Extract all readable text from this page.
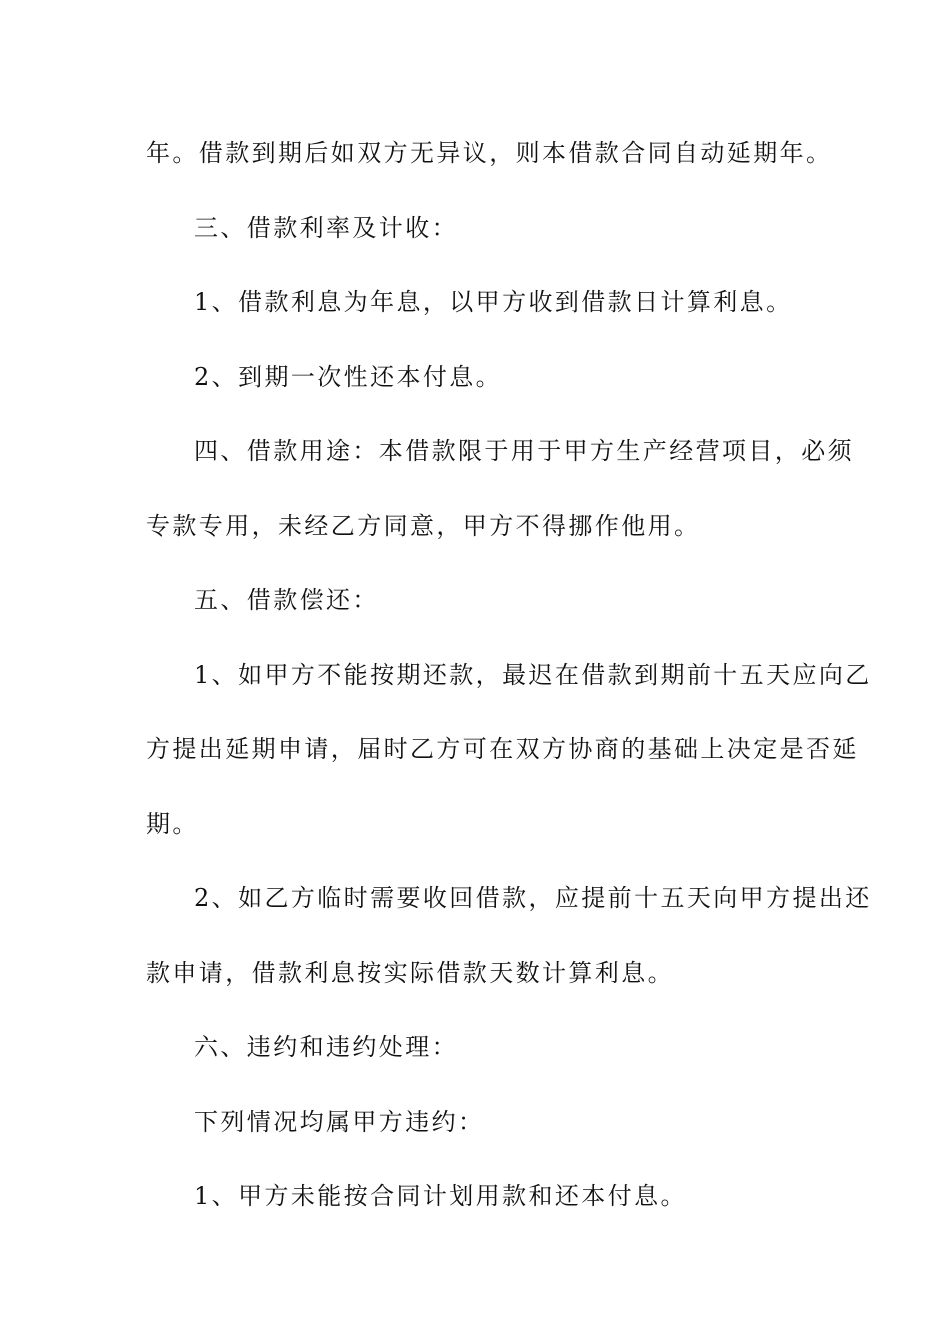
年。借款到期后如双方无异议，则本借款合同自动延期年。
三、借款利率及计收：
1、借款利息为年息，以甲方收到借款日计算利息。
2、到期一次性还本付息。
四、借款用途：本借款限于用于甲方生产经营项目，必须
专款专用，未经乙方同意，甲方不得挪作他用。
五、借款偿还：
1、如甲方不能按期还款，最迟在借款到期前十五天应向乙
方提出延期申请，届时乙方可在双方协商的基础上决定是否延
期。
2、如乙方临时需要收回借款，应提前十五天向甲方提出还
款申请，借款利息按实际借款天数计算利息。
六、违约和违约处理：
下列情况均属甲方违约：
1、甲方未能按合同计划用款和还本付息。
